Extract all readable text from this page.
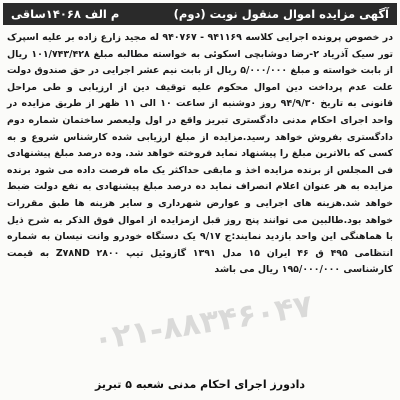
آگهی مزایده اموال منقول نوبت (دوم)
م الف ۱۴۰۶۸ساقی

در خصوص پرونده اجرایی کلاسه ۹۴۱۱۶۹ - ۹۴۰۷۶۷ له مجید زارع زاده بر علیه اسپرک تور سیک آذریاد ۲-رضا دوشابچی اسکوئی به خواسته مطالبه مبلغ ۱۰۱/۷۴۳/۴۲۸ ریال از بابت خواسته و مبلغ ۵/۰۰۰/۰۰۰ ریال از بابت نیم عشر اجرایی در حق صندوق دولت علت عدم پرداخت دین اموال محکوم علیه توقیف دین از ارزیابی و طی مراحل قانونی به تاریخ ۹۴/۹/۳۰ روز دوشنبه از ساعت ۱۰ الی ۱۱ ظهر از طریق مزایده در واحد اجرای احکام مدنی دادگستری تبریز واقع در اول ولیعصر ساختمان شماره دوم دادگستری بفروش خواهد رسید.مزایده از مبلغ ارزیابی شده کارشناس شروع و به کسی که بالاترین مبلغ را پیشنهاد نماید فروخته خواهد شد. وده درصد مبلغ پیشنهادی فی المجلس از برنده مزایده اخذ و مابقی حداکثر یک ماه فرصت داده می شود برنده مزایده به هر عنوان اعلام انصراف نماید ده درصد مبلغ پیشنهادی به نفع دولت ضبط خواهد شد.هزینه های اجرایی و عوارض شهرداری و سایر هزینه ها طبق مقررات خواهد بود.طالبین می توانند پنج روز قبل ازمزایده از اموال فوق الذکر به شرح ذیل با هماهنگی این واحد بازدید نمایند:ج ۹/۱۷ یک دستگاه خودرو وانت نیسان به شماره انتظامی ۴۹۵ ق ۴۶ ایران ۱۵ مدل ۱۳۹۱ گازوئیل تیپ Z۷۸ND ۲۸۰۰ به قیمت کارشناسی ۱۹۵/۰۰۰/۰۰۰ ریال می باشد

۰۲۱-۸۸۳۴۶۰۴۷
دادورز اجرای احکام مدنی شعبه ۵ تبریز
